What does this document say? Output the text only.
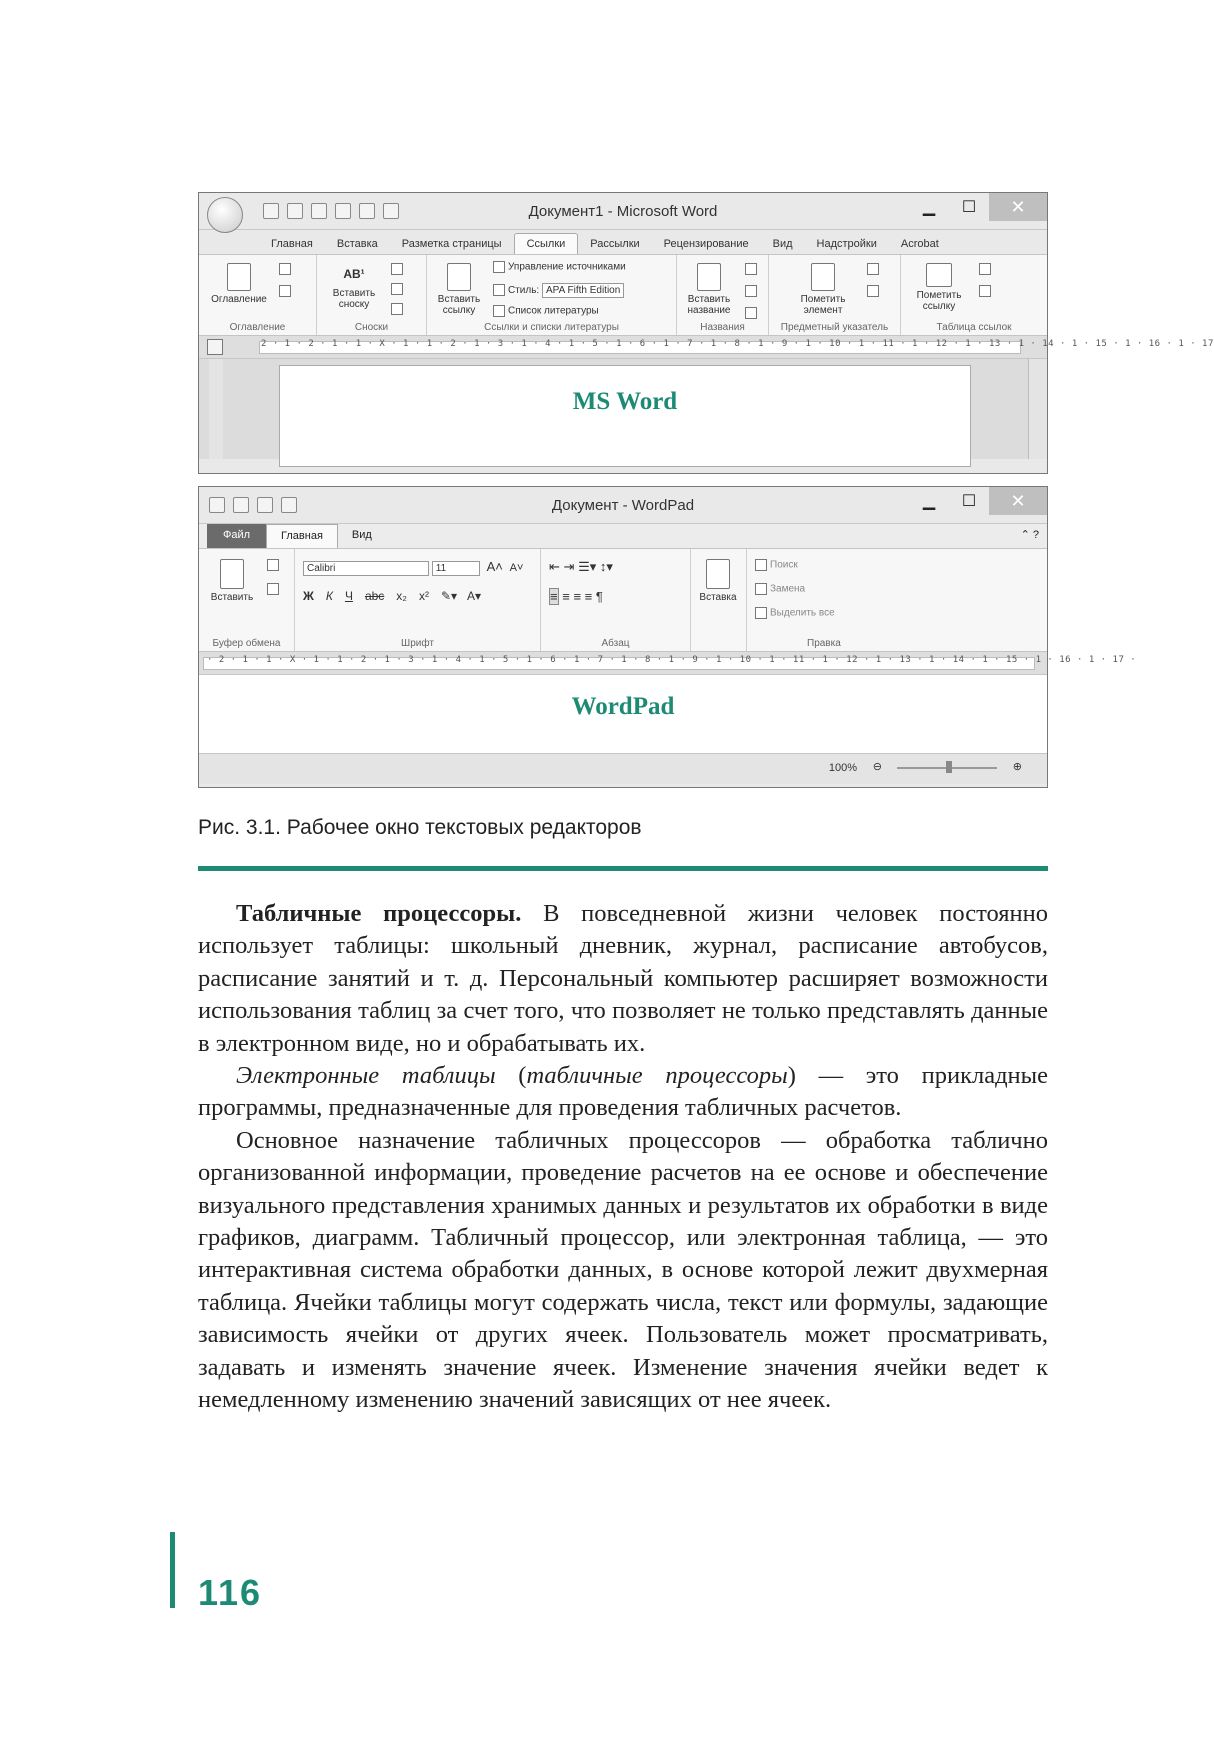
Документ1 - Microsoft Word	▁	☐	✕
Главная	Вставка	Разметка страницы	Ссылки	Рассылки	Рецензирование	Вид	Надстройки	Acrobat
Оглавление
Оглавление
AB¹
Вставить сноску
Сноски
Вставить ссылку
Управление источниками
Стиль: APA Fifth Edition
Список литературы
Ссылки и списки литературы
Вставить название
Названия
Пометить элемент
Предметный указатель
Пометить ссылку
Таблица ссылок
2 · 1 · 2 · 1 · 1 · X · 1 · 1 · 2 · 1 · 3 · 1 · 4 · 1 · 5 · 1 · 6 · 1 · 7 · 1 · 8 · 1 · 9 · 1 · 10 · 1 · 11 · 1 · 12 · 1 · 13 · 1 · 14 · 1 · 15 · 1 · 16 · 1 · 17
MS Word
Документ - WordPad	▁	☐	✕
Файл	Главная	Вид	⌃ ?
Вставить
Буфер обмена
Calibri	11	A˄ A˅
Ж К Ч abc x₂ x² ✎▾ A▾
Шрифт
⇤ ⇥ ☰▾ ↕▾
≡ ≡ ≡ ≡ ¶
Абзац
Вставка
Поиск
Замена
Выделить все
Правка
· 2 · 1 · 1 · X · 1 · 1 · 2 · 1 · 3 · 1 · 4 · 1 · 5 · 1 · 6 · 1 · 7 · 1 · 8 · 1 · 9 · 1 · 10 · 1 · 11 · 1 · 12 · 1 · 13 · 1 · 14 · 1 · 15 · 1 · 16 · 1 · 17 ·
WordPad
100% ⊖	⊕
Рис. 3.1. Рабочее окно текстовых редакторов

Табличные процессоры. В повседневной жизни человек постоянно использует таблицы: школьный дневник, журнал, расписание автобусов, расписание занятий и т. д. Персональный компьютер расширяет возможности использования таблиц за счет того, что позволяет не только представлять данные в электронном виде, но и обрабатывать их.

Электронные таблицы (табличные процессоры) — это прикладные программы, предназначенные для проведения табличных расчетов.

Основное назначение табличных процессоров — обработка таблично организованной информации, проведение расчетов на ее основе и обеспечение визуального представления хранимых данных и результатов их обработки в виде графиков, диаграмм. Табличный процессор, или электронная таблица, — это интерактивная система обработки данных, в основе которой лежит двухмерная таблица. Ячейки таблицы могут содержать числа, текст или формулы, задающие зависимость ячейки от других ячеек. Пользователь может просматривать, задавать и изменять значение ячеек. Изменение значения ячейки ведет к немедленному изменению значений зависящих от нее ячеек.

116
